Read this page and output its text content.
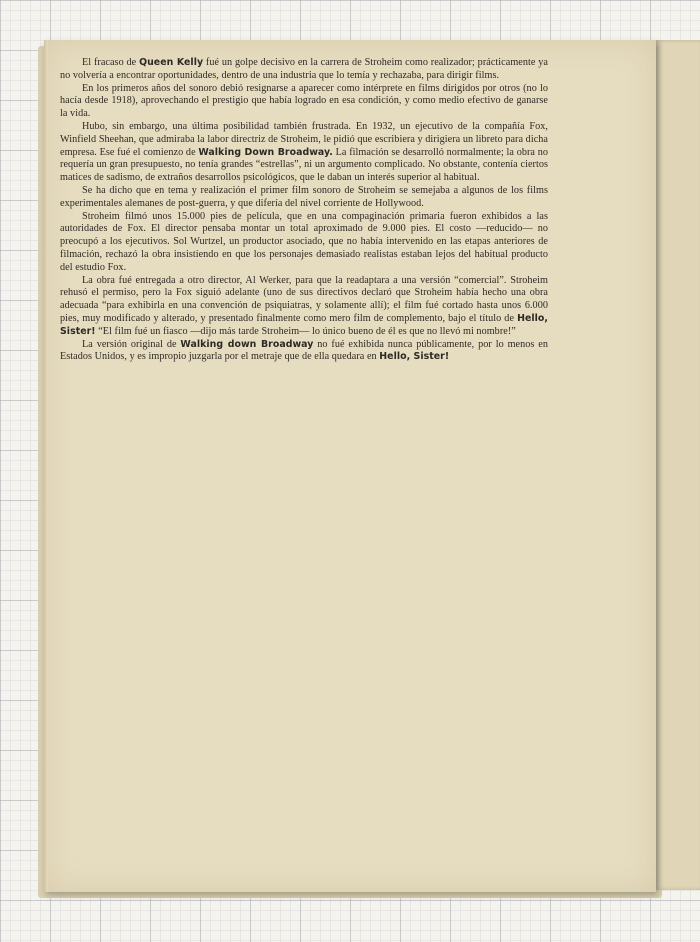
El fracaso de Queen Kelly fué un golpe decisivo en la carrera de Stroheim como realizador; prácticamente ya no volvería a encontrar oportunidades, dentro de una industria que lo temía y rechazaba, para dirigir films.

En los primeros años del sonoro debió resignarse a aparecer como intérprete en films dirigidos por otros (no lo hacía desde 1918), aprovechando el prestigio que había logrado en esa condición, y como medio efectivo de ganarse la vida.

Hubo, sin embargo, una última posibilidad también frustrada. En 1932, un ejecutivo de la compañía Fox, Winfield Sheehan, que admiraba la labor directriz de Stroheim, le pidió que escribiera y dirigiera un libreto para dicha empresa. Ese fué el comienzo de Walking Down Broadway. La filmación se desarrolló normalmente; la obra no requería un gran presupuesto, no tenía grandes “estrellas”, ni un argumento complicado. No obstante, contenía ciertos matices de sadismo, de extraños desarrollos psicológicos, que le daban un interés superior al habitual.

Se ha dicho que en tema y realización el primer film sonoro de Stroheim se semejaba a algunos de los films experimentales alemanes de post-guerra, y que difería del nivel corriente de Hollywood.

Stroheim filmó unos 15.000 pies de película, que en una compaginación primaria fueron exhibidos a las autoridades de Fox. El director pensaba montar un total aproximado de 9.000 pies. El costo —reducido— no preocupó a los ejecutivos. Sol Wurtzel, un productor asociado, que no había intervenido en las etapas anteriores de filmación, rechazó la obra insistiendo en que los personajes demasiado realistas estaban lejos del habitual producto del estudio Fox.

La obra fué entregada a otro director, Al Werker, para que la readaptara a una versión “comercial”. Stroheim rehusó el permiso, pero la Fox siguió adelante (uno de sus directivos declaró que Stroheim había hecho una obra adecuada “para exhibirla en una convención de psiquiatras, y solamente allí); el film fué cortado hasta unos 6.000 pies, muy modificado y alterado, y presentado finalmente como mero film de complemento, bajo el título de Hello, Sister! “El film fué un fiasco —dijo más tarde Stroheim— lo único bueno de él es que no llevó mi nombre!”

La versión original de Walking down Broadway no fué exhibida nunca públicamente, por lo menos en Estados Unidos, y es impropio juzgarla por el metraje que de ella quedara en Hello, Sister!
